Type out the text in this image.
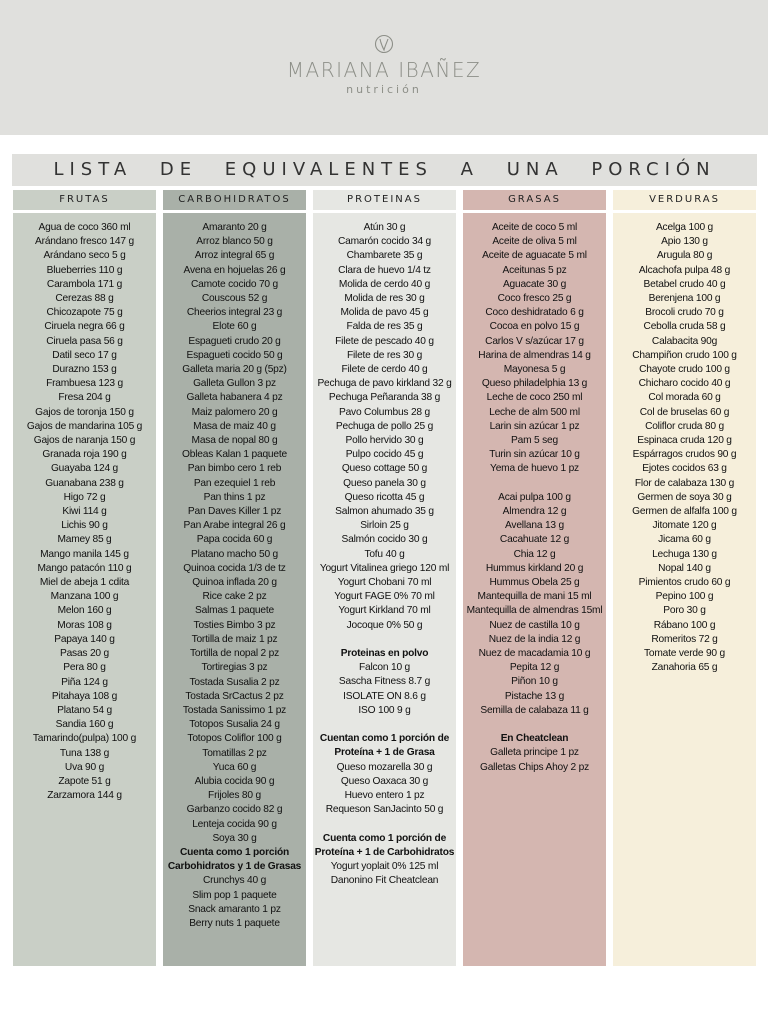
MARIANA IBAÑEZ
nutrición
LISTA DE EQUIVALENTES A UNA PORCIÓN
FRUTAS
Agua de coco 360 ml
Arándano fresco 147 g
Arándano seco 5 g
Blueberries 110 g
Carambola 171 g
Cerezas 88 g
Chicozapote 75 g
Ciruela negra 66 g
Ciruela pasa 56 g
Datil seco 17 g
Durazno 153 g
Frambuesa 123 g
Fresa 204 g
Gajos de toronja 150 g
Gajos de mandarina 105 g
Gajos de naranja 150 g
Granada roja 190 g
Guayaba 124 g
Guanabana 238 g
Higo 72 g
Kiwi 114 g
Lichis 90 g
Mamey 85 g
Mango manila 145 g
Mango patacón 110 g
Miel de abeja 1 cdita
Manzana 100 g
Melon 160 g
Moras 108 g
Papaya 140 g
Pasas 20 g
Pera 80 g
Piña 124 g
Pitahaya 108 g
Platano 54 g
Sandia 160 g
Tamarindo(pulpa) 100 g
Tuna 138 g
Uva 90 g
Zapote 51 g
Zarzamora 144 g
CARBOHIDRATOS
Amaranto 20 g
Arroz blanco 50 g
Arroz integral 65 g
Avena en hojuelas 26 g
Camote cocido 70 g
Couscous 52 g
Cheerios integral 23 g
Elote 60 g
Espagueti crudo 20 g
Espagueti cocido 50 g
Galleta maria 20 g (5pz)
Galleta Gullon 3 pz
Galleta habanera 4 pz
Maiz palomero 20 g
Masa de maiz 40 g
Masa de nopal 80 g
Obleas Kalan 1 paquete
Pan bimbo cero 1 reb
Pan ezequiel 1 reb
Pan thins 1 pz
Pan Daves Killer 1 pz
Pan Arabe integral 26 g
Papa cocida 60 g
Platano macho 50 g
Quinoa cocida 1/3 de tz
Quinoa inflada 20 g
Rice cake 2 pz
Salmas 1 paquete
Tosties Bimbo 3 pz
Tortilla de maiz 1 pz
Tortilla de nopal 2 pz
Tortiregias 3 pz
Tostada Susalia 2 pz
Tostada SrCactus 2 pz
Tostada Sanissimo 1 pz
Totopos Susalia 24 g
Totopos Coliflor 100 g
Tomatillas 2 pz
Yuca 60 g
Alubia cocida 90 g
Frijoles 80 g
Garbanzo cocido 82 g
Lenteja cocida 90 g
Soya 30 g
Cuenta como 1 porción Carbohidratos y 1 de Grasas
Crunchys 40 g
Slim pop 1 paquete
Snack amaranto 1 pz
Berry nuts 1 paquete
PROTEINAS
Atún 30 g
Camarón cocido 34 g
Chambarete 35 g
Clara de huevo 1/4 tz
Molida de cerdo 40 g
Molida de res 30 g
Molida de pavo 45 g
Falda de res 35 g
Filete de pescado 40 g
Filete de res 30 g
Filete de cerdo 40 g
Pechuga de pavo kirkland 32 g
Pechuga Peñaranda 38 g
Pavo Columbus 28 g
Pechuga de pollo 25 g
Pollo hervido 30 g
Pulpo cocido 45 g
Queso cottage 50 g
Queso panela 30 g
Queso ricotta 45 g
Salmon ahumado 35 g
Sirloin 25 g
Salmón cocido 30 g
Tofu 40 g
Yogurt Vitalinea griego 120 ml
Yogurt Chobani 70 ml
Yogurt FAGE 0% 70 ml
Yogurt Kirkland 70 ml
Jocoque 0% 50 g
Proteinas en polvo
Falcon 10 g
Sascha Fitness 8.7 g
ISOLATE ON 8.6 g
ISO 100 9 g
Cuentan como 1 porción de Proteína + 1 de Grasa
Queso mozarella 30 g
Queso Oaxaca 30 g
Huevo entero 1 pz
Requeson SanJacinto 50 g
Cuenta como 1 porción de Proteína + 1 de Carbohidratos
Yogurt yoplait 0% 125 ml
Danonino Fit Cheatclean
GRASAS
Aceite de coco 5 ml
Aceite de oliva 5 ml
Aceite de aguacate 5 ml
Aceitunas 5 pz
Aguacate 30 g
Coco fresco 25 g
Coco deshidratado 6 g
Cocoa en polvo 15 g
Carlos V s/azúcar 17 g
Harina de almendras 14 g
Mayonesa 5 g
Queso philadelphia 13 g
Leche de coco 250 ml
Leche de alm 500 ml
Larin sin azúcar 1 pz
Pam 5 seg
Turin sin azúcar 10 g
Yema de huevo 1 pz
Acai pulpa 100 g
Almendra 12 g
Avellana 13 g
Cacahuate 12 g
Chia 12 g
Hummus kirkland 20 g
Hummus Obela 25 g
Mantequilla de mani 15 ml
Mantequilla de almendras 15ml
Nuez de castilla 10 g
Nuez de la india 12 g
Nuez de macadamia 10 g
Pepita 12 g
Piñon 10 g
Pistache 13 g
Semilla de calabaza 11 g
En Cheatclean
Galleta principe 1 pz
Galletas Chips Ahoy 2 pz
VERDURAS
Acelga 100 g
Apio 130 g
Arugula 80 g
Alcachofa pulpa 48 g
Betabel crudo 40 g
Berenjena 100 g
Brocoli crudo 70 g
Cebolla cruda 58 g
Calabacita 90g
Champiñon crudo 100 g
Chayote crudo 100 g
Chicharo cocido 40 g
Col morada 60 g
Col de bruselas 60 g
Coliflor cruda 80 g
Espinaca cruda 120 g
Espárragos crudos 90 g
Ejotes cocidos 63 g
Flor de calabaza 130 g
Germen de soya 30 g
Germen de alfalfa 100 g
Jitomate 120 g
Jicama 60 g
Lechuga 130 g
Nopal 140 g
Pimientos crudo 60 g
Pepino 100 g
Poro 30 g
Rábano 100 g
Romeritos 72 g
Tomate verde 90 g
Zanahoria 65 g
